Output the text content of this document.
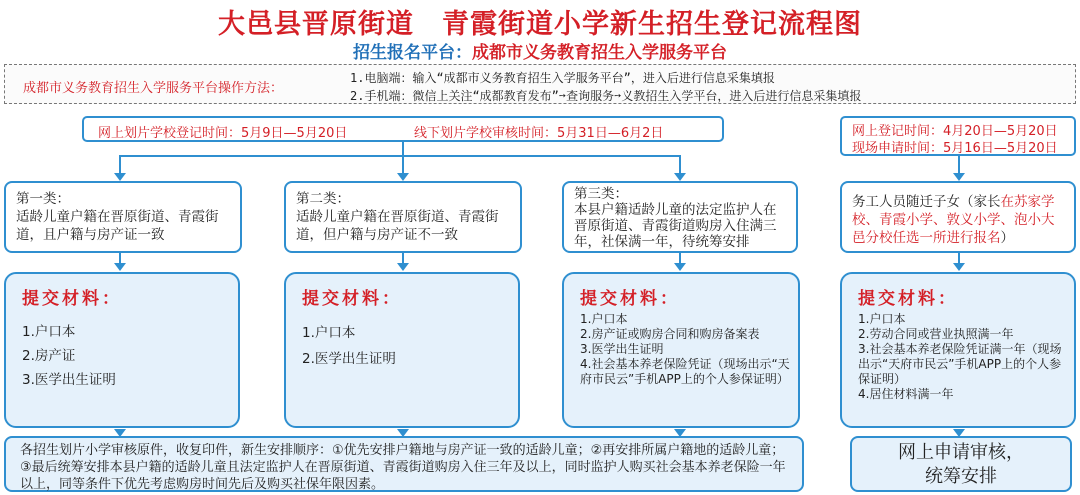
大邑县晋原街道　青霞街道小学新生招生登记流程图
招生报名平台：成都市义务教育招生入学服务平台
成都市义务教育招生入学服务平台操作方法：
1.电脑端：输入“成都市义务教育招生入学服务平台”，进入后进行信息采集填报
2.手机端：微信上关注“成都教育发布”➙查询服务➙义教招生入学平台，进入后进行信息采集填报
网上划片学校登记时间：5月9日—5月20日	线下划片学校审核时间：5月31日—6月2日	网上登记时间：4月20日—5月20日
现场申请时间：5月16日—5月20日
第一类：
适龄儿童户籍在晋原街道、青霞街道，且户籍与房产证一致
第二类：
适龄儿童户籍在晋原街道、青霞街道，但户籍与房产证不一致
第三类：
本县户籍适龄儿童的法定监护人在晋原街道、青霞街道购房入住满三年，社保满一年，待统筹安排
务工人员随迁子女（家长在苏家学校、青霞小学、敦义小学、泡小大邑分校任选一所进行报名）
提交材料：
1.户口本
2.房产证
3.医学出生证明
提交材料：
1.户口本
2.医学出生证明
提交材料：
1.户口本
2.房产证或购房合同和购房备案表
3.医学出生证明
4.社会基本养老保险凭证（现场出示“天府市民云”手机APP上的个人参保证明）
提交材料：
1.户口本
2.劳动合同或营业执照满一年
3.社会基本养老保险凭证满一年（现场出示“天府市民云”手机APP上的个人参保证明）
4.居住材料满一年
各招生划片小学审核原件，收复印件，新生安排顺序：①优先安排户籍地与房产证一致的适龄儿童；②再安排所属户籍地的适龄儿童；③最后统筹安排本县户籍的适龄儿童且法定监护人在晋原街道、青霞街道购房入住三年及以上，同时监护人购买社会基本养老保险一年以上，同等条件下优先考虑购房时间先后及购买社保年限因素。
网上申请审核，
统筹安排
